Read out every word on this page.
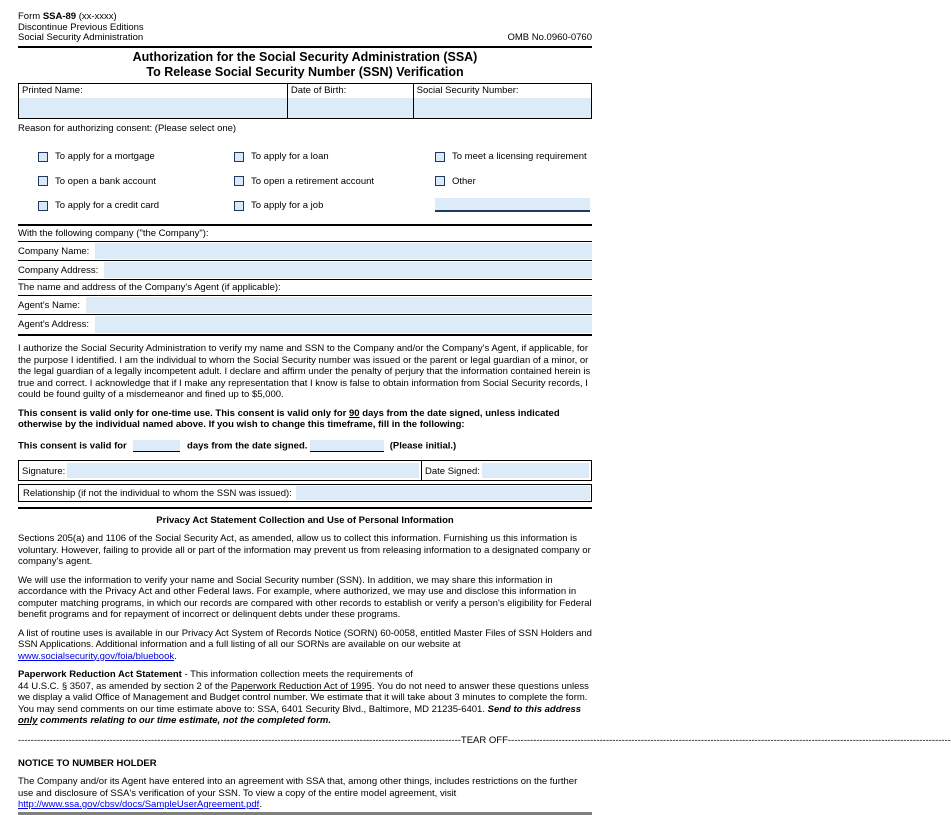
Form SSA-89 (xx-xxxx)
Discontinue Previous Editions
Social Security Administration	OMB No.0960-0760
Authorization for the Social Security Administration (SSA)
To Release Social Security Number (SSN) Verification
Printed Name:	Date of Birth:	Social Security Number:
Reason for authorizing consent: (Please select one)
To apply for a mortgage	To apply for a loan	To meet a licensing requirement
To open a bank account	To open a retirement account	Other
To apply for a credit card	To apply for a job
With the following company ("the Company"):
Company Name:
Company Address:
The name and address of the Company's Agent (if applicable):
Agent's Name:
Agent's Address:

I authorize the Social Security Administration to verify my name and SSN to the Company and/or the Company's Agent, if applicable, for the purpose I identified. I am the individual to whom the Social Security number was issued or the parent or legal guardian of a minor, or the legal guardian of a legally incompetent adult. I declare and affirm under the penalty of perjury that the information contained herein is true and correct. I acknowledge that if I make any representation that I know is false to obtain information from Social Security records, I could be found guilty of a misdemeanor and fined up to $5,000.

This consent is valid only for one-time use. This consent is valid only for 90 days from the date signed, unless indicated otherwise by the individual named above. If you wish to change this timeframe, fill in the following:

This consent is valid for	days from the date signed.	(Please initial.)
Signature:	Date Signed:
Relationship (if not the individual to whom the SSN was issued):
Privacy Act Statement Collection and Use of Personal Information

Sections 205(a) and 1106 of the Social Security Act, as amended, allow us to collect this information. Furnishing us this information is voluntary. However, failing to provide all or part of the information may prevent us from releasing information to a designated company or company's agent.

We will use the information to verify your name and Social Security number (SSN). In addition, we may share this information in accordance with the Privacy Act and other Federal laws. For example, where authorized, we may use and disclose this information in computer matching programs, in which our records are compared with other records to establish or verify a person's eligibility for Federal benefit programs and for repayment of incorrect or delinquent debts under these programs.

A list of routine uses is available in our Privacy Act System of Records Notice (SORN) 60-0058, entitled Master Files of SSN Holders and SSN Applications. Additional information and a full listing of all our SORNs are available on our website at www.socialsecurity.gov/foia/bluebook.

Paperwork Reduction Act Statement - This information collection meets the requirements of
44 U.S.C. § 3507, as amended by section 2 of the Paperwork Reduction Act of 1995. You do not need to answer these questions unless we display a valid Office of Management and Budget control number. We estimate that it will take about 3 minutes to complete the form. You may send comments on our time estimate above to: SSA, 6401 Security Blvd., Baltimore, MD 21235-6401. Send to this address only comments relating to our time estimate, not the completed form.

-------------------------------------------------------------------------------------------------------------------------------------------- TEAR OFF --------------------------------------------------------------------------------------------------------------------------------------------
NOTICE TO NUMBER HOLDER

The Company and/or its Agent have entered into an agreement with SSA that, among other things, includes restrictions on the further use and disclosure of SSA's verification of your SSN. To view a copy of the entire model agreement, visit http://www.ssa.gov/cbsv/docs/SampleUserAgreement.pdf.
